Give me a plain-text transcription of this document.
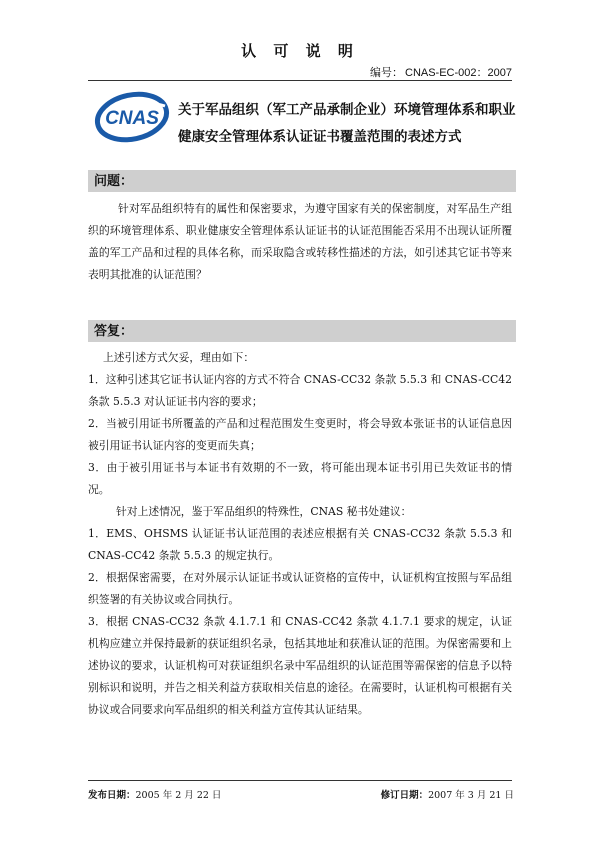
认 可 说 明
编号： CNAS-EC-002：2007
CNAS 关于军品组织（军工产品承制企业）环境管理体系和职业健康安全管理体系认证证书覆盖范围的表述方式
问题：
针对军品组织特有的属性和保密要求，为遵守国家有关的保密制度，对军品生产组织的环境管理体系、职业健康安全管理体系认证证书的认证范围能否采用不出现认证所覆盖的军工产品和过程的具体名称，而采取隐含或转移性描述的方法，如引述其它证书等来表明其批准的认证范围？
答复：

上述引述方式欠妥，理由如下：

1．这种引述其它证书认证内容的方式不符合 CNAS-CC32 条款 5.5.3 和 CNAS-CC42 条款 5.5.3 对认证证书内容的要求；

2．当被引用证书所覆盖的产品和过程范围发生变更时，将会导致本张证书的认证信息因被引用证书认证内容的变更而失真；

3．由于被引用证书与本证书有效期的不一致，将可能出现本证书引用已失效证书的情况。

针对上述情况，鉴于军品组织的特殊性，CNAS 秘书处建议：

1．EMS、OHSMS 认证证书认证范围的表述应根据有关 CNAS-CC32 条款 5.5.3 和 CNAS-CC42 条款 5.5.3 的规定执行。

2．根据保密需要，在对外展示认证证书或认证资格的宣传中，认证机构宜按照与军品组织签署的有关协议或合同执行。

3．根据 CNAS-CC32 条款 4.1.7.1 和 CNAS-CC42 条款 4.1.7.1 要求的规定，认证机构应建立并保持最新的获证组织名录，包括其地址和获准认证的范围。为保密需要和上述协议的要求，认证机构可对获证组织名录中军品组织的认证范围等需保密的信息予以特别标识和说明，并告之相关利益方获取相关信息的途径。在需要时，认证机构可根据有关协议或合同要求向军品组织的相关利益方宣传其认证结果。

发布日期：2005 年 2 月 22 日	修订日期：2007 年 3 月 21 日
